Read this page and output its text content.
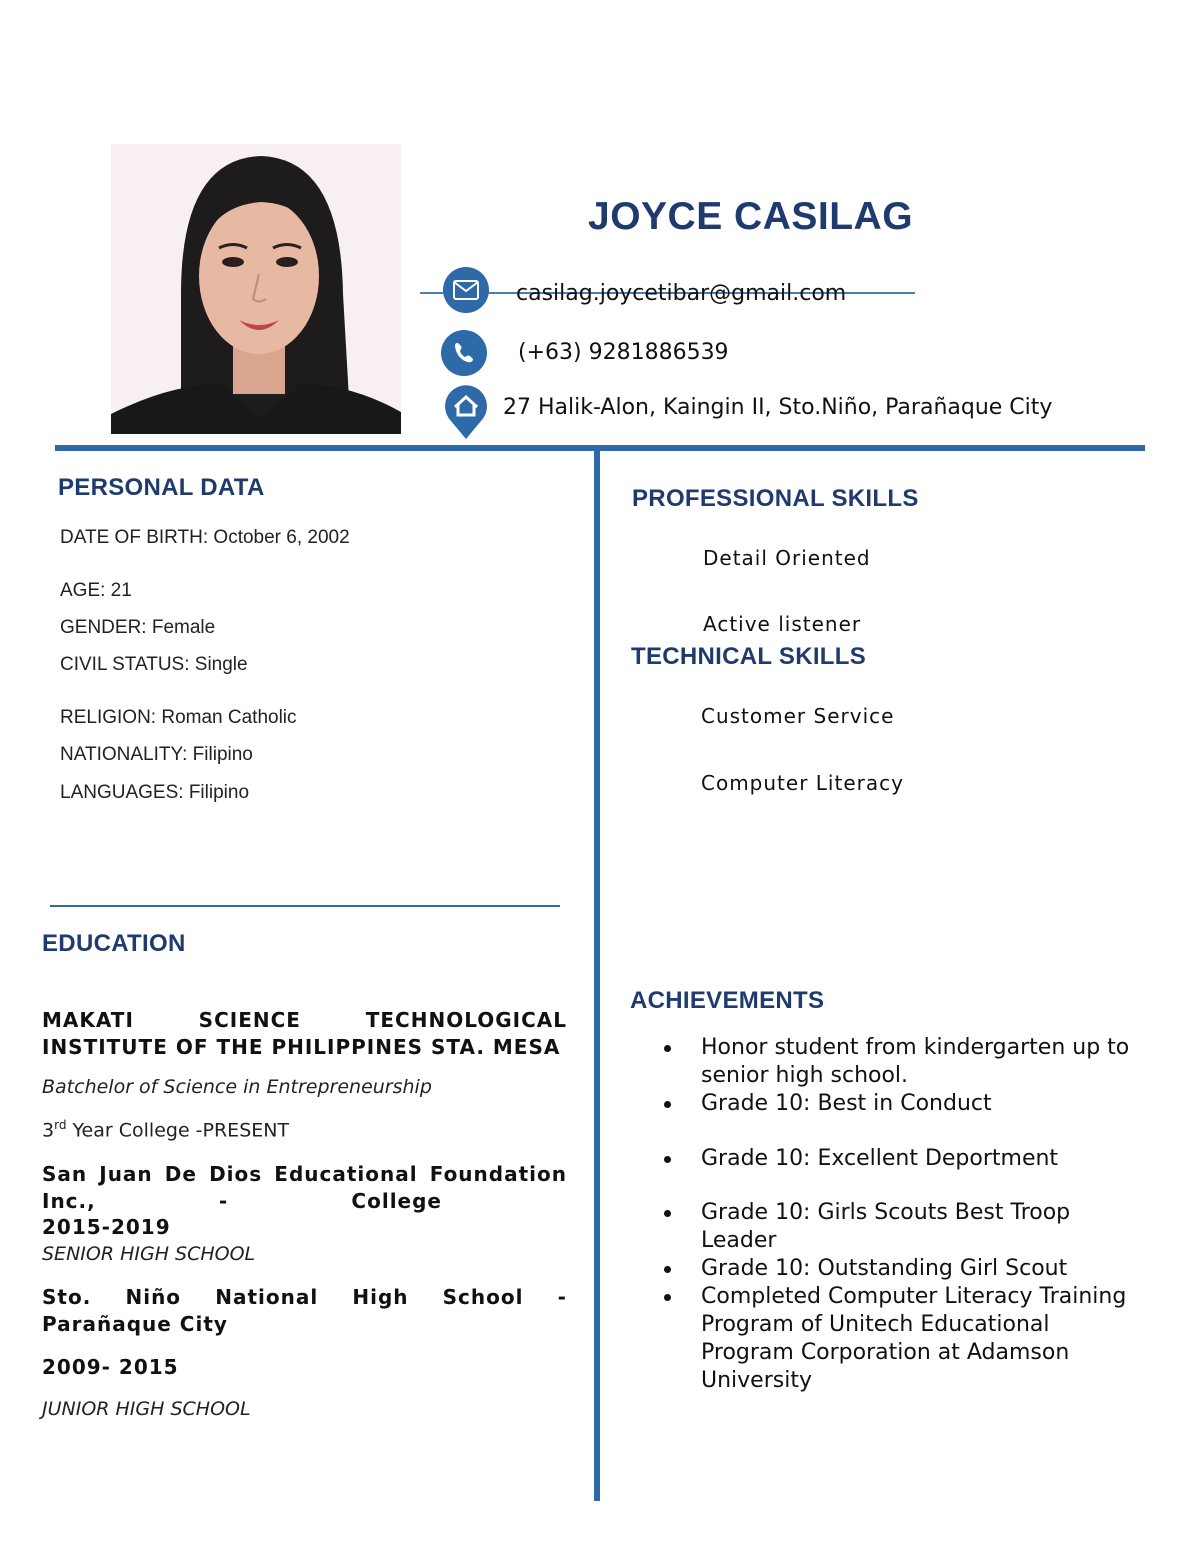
JOYCE CASILAG
casilag.joycetibar@gmail.com
(+63) 9281886539
27 Halik-Alon, Kaingin II, Sto.Niño, Parañaque City
PERSONAL DATA
DATE OF BIRTH: October 6, 2002
AGE: 21
GENDER: Female
CIVIL STATUS: Single
RELIGION: Roman Catholic
NATIONALITY: Filipino
LANGUAGES: Filipino
PROFESSIONAL SKILLS
Detail Oriented
Active listener
TECHNICAL SKILLS
Customer Service
Computer Literacy
EDUCATION
MAKATI SCIENCE TECHNOLOGICAL INSTITUTE OF THE PHILIPPINES STA. MESA
Batchelor of Science in Entrepreneurship
3rd Year College -PRESENT
San Juan De Dios Educational Foundation
Inc.,	-	College
2015-2019
SENIOR HIGH SCHOOL
Sto. Niño National High School -
Parañaque City
2009- 2015
JUNIOR HIGH SCHOOL
ACHIEVEMENTS
Honor student from kindergarten up to senior high school.
Grade 10: Best in Conduct
Grade 10: Excellent Deportment
Grade 10: Girls Scouts Best Troop Leader
Grade 10: Outstanding Girl Scout
Completed Computer Literacy Training Program of Unitech Educational Program Corporation at Adamson University
